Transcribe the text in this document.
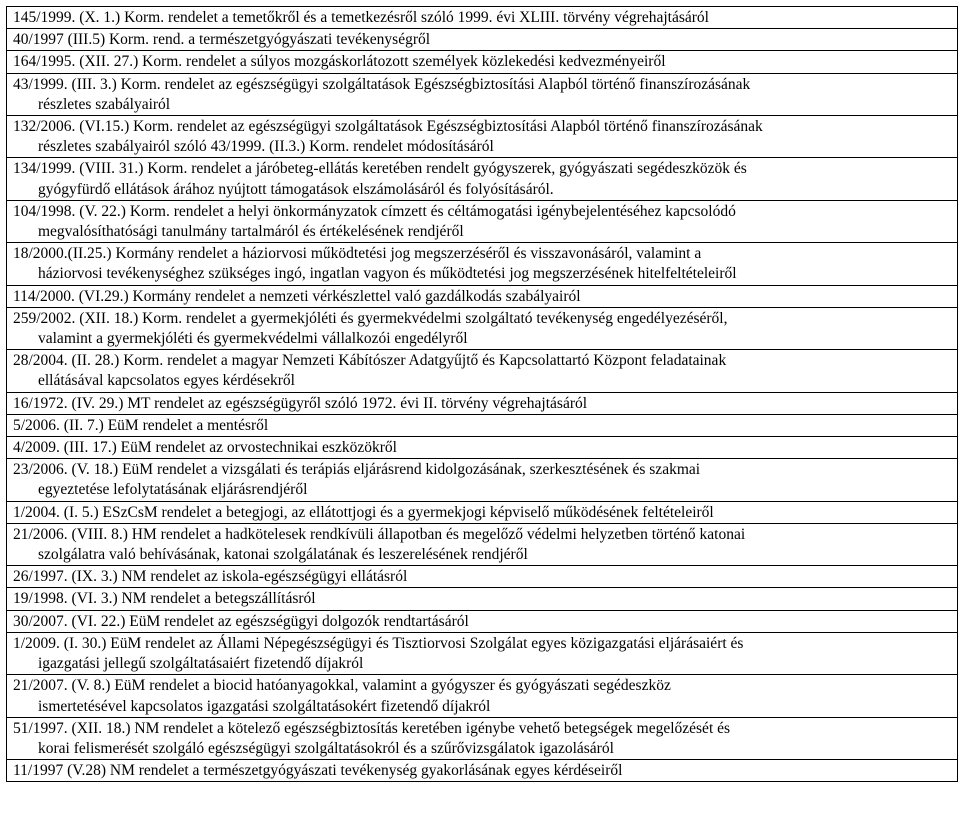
145/1999. (X. 1.) Korm. rendelet a temetőkről és a temetkezésről szóló 1999. évi XLIII. törvény végrehajtásáról

40/1997 (III.5) Korm. rend. a természetgyógyászati tevékenységről

164/1995. (XII. 27.) Korm. rendelet a súlyos mozgáskorlátozott személyek közlekedési kedvezményeiről

43/1999. (III. 3.) Korm. rendelet az egészségügyi szolgáltatások Egészségbiztosítási Alapból történő finanszírozásának
részletes szabályairól

132/2006. (VI.15.) Korm. rendelet az egészségügyi szolgáltatások Egészségbiztosítási Alapból történő finanszírozásának
részletes szabályairól szóló 43/1999. (II.3.) Korm. rendelet módosításáról

134/1999. (VIII. 31.) Korm. rendelet a járóbeteg-ellátás keretében rendelt gyógyszerek, gyógyászati segédeszközök és
gyógyfürdő ellátások árához nyújtott támogatások elszámolásáról és folyósításáról.

104/1998. (V. 22.) Korm. rendelet a helyi önkormányzatok címzett és céltámogatási igénybejelentéséhez kapcsolódó
megvalósíthatósági tanulmány tartalmáról és értékelésének rendjéről

18/2000.(II.25.) Kormány rendelet a háziorvosi működtetési jog megszerzéséről és visszavonásáról, valamint a
háziorvosi tevékenységhez szükséges ingó, ingatlan vagyon és működtetési jog megszerzésének hitelfeltételeiről

114/2000. (VI.29.) Kormány rendelet a nemzeti vérkészlettel való gazdálkodás szabályairól

259/2002. (XII. 18.) Korm. rendelet a gyermekjóléti és gyermekvédelmi szolgáltató tevékenység engedélyezéséről,
valamint a gyermekjóléti és gyermekvédelmi vállalkozói engedélyről

28/2004. (II. 28.) Korm. rendelet a magyar Nemzeti Kábítószer Adatgyűjtő és Kapcsolattartó Központ feladatainak
ellátásával kapcsolatos egyes kérdésekről

16/1972. (IV. 29.) MT rendelet az egészségügyről szóló 1972. évi II. törvény végrehajtásáról

5/2006. (II. 7.) EüM rendelet a mentésről

4/2009. (III. 17.) EüM rendelet az orvostechnikai eszközökről

23/2006. (V. 18.) EüM rendelet a vizsgálati és terápiás eljárásrend kidolgozásának, szerkesztésének és szakmai
egyeztetése lefolytatásának eljárásrendjéről

1/2004. (I. 5.) ESzCsM rendelet a betegjogi, az ellátottjogi és a gyermekjogi képviselő működésének feltételeiről

21/2006. (VIII. 8.) HM rendelet a hadkötelesek rendkívüli állapotban és megelőző védelmi helyzetben történő katonai
szolgálatra való behívásának, katonai szolgálatának és leszerelésének rendjéről

26/1997. (IX. 3.) NM rendelet az iskola-egészségügyi ellátásról

19/1998. (VI. 3.) NM rendelet a betegszállításról

30/2007. (VI. 22.) EüM rendelet az egészségügyi dolgozók rendtartásáról

1/2009. (I. 30.) EüM rendelet az Állami Népegészségügyi és Tisztiorvosi Szolgálat egyes közigazgatási eljárásaiért és
igazgatási jellegű szolgáltatásaiért fizetendő díjakról

21/2007. (V. 8.) EüM rendelet a biocid hatóanyagokkal, valamint a gyógyszer és gyógyászati segédeszköz
ismertetésével kapcsolatos igazgatási szolgáltatásokért fizetendő díjakról

51/1997. (XII. 18.) NM rendelet a kötelező egészségbiztosítás keretében igénybe vehető betegségek megelőzését és
korai felismerését szolgáló egészségügyi szolgáltatásokról és a szűrővizsgálatok igazolásáról

11/1997 (V.28) NM rendelet a természetgyógyászati tevékenység gyakorlásának egyes kérdéseiről
